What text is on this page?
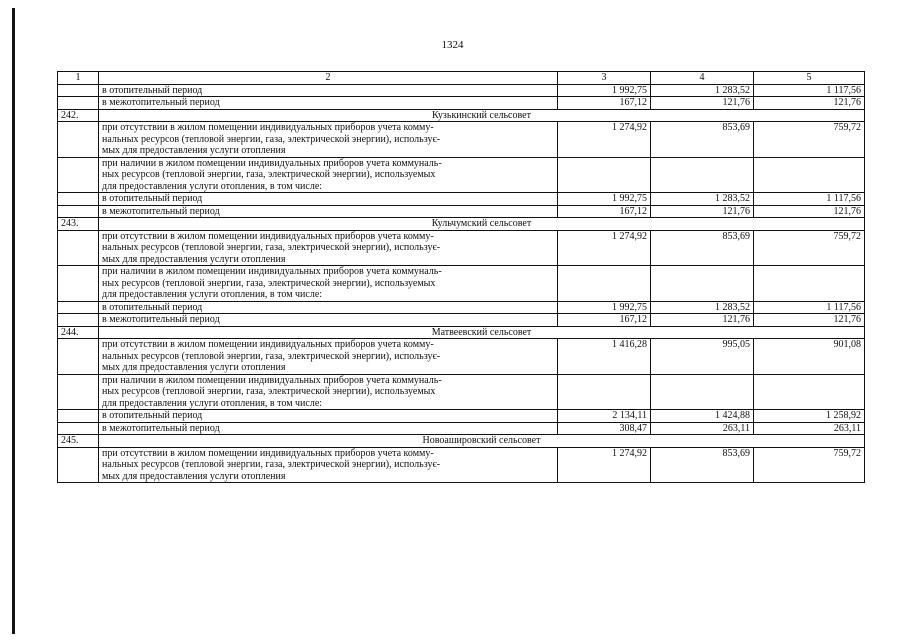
1324
1	2	3	4	5

	в отопительный период	1 992,75	1 283,52	1 117,56

	в межотопительный период	167,12	121,76	121,76
242.	Кузькинский сельсовет			

	при отсутствии в жилом помещении индивидуальных приборов учета комму-
нальных ресурсов (тепловой энергии, газа, электрической энергии), использує-
мых для предоставления услуги отопления	1 274,92	853,69	759,72

	при наличии в жилом помещении индивидуальных приборов учета коммуналь-
ных ресурсов (тепловой энергии, газа, электрической энергии), используемых
для предоставления услуги отопления, в том числе:			

	в отопительный период	1 992,75	1 283,52	1 117,56

	в межотопительный период	167,12	121,76	121,76
243.	Кульчумский сельсовет			

	при отсутствии в жилом помещении индивидуальных приборов учета комму-
нальных ресурсов (тепловой энергии, газа, электрической энергии), использує-
мых для предоставления услуги отопления	1 274,92	853,69	759,72

	при наличии в жилом помещении индивидуальных приборов учета коммуналь-
ных ресурсов (тепловой энергии, газа, электрической энергии), используемых
для предоставления услуги отопления, в том числе:			

	в отопительный период	1 992,75	1 283,52	1 117,56

	в межотопительный период	167,12	121,76	121,76
244.	Матвеевский сельсовет			

	при отсутствии в жилом помещении индивидуальных приборов учета комму-
нальных ресурсов (тепловой энергии, газа, электрической энергии), использує-
мых для предоставления услуги отопления	1 416,28	995,05	901,08

	при наличии в жилом помещении индивидуальных приборов учета коммуналь-
ных ресурсов (тепловой энергии, газа, электрической энергии), используемых
для предоставления услуги отопления, в том числе:			

	в отопительный период	2 134,11	1 424,88	1 258,92

	в межотопительный период	308,47	263,11	263,11
245.	Новоашировский сельсовет			

	при отсутствии в жилом помещении индивидуальных приборов учета комму-
нальных ресурсов (тепловой энергии, газа, электрической энергии), использує-
мых для предоставления услуги отопления	1 274,92	853,69	759,72
